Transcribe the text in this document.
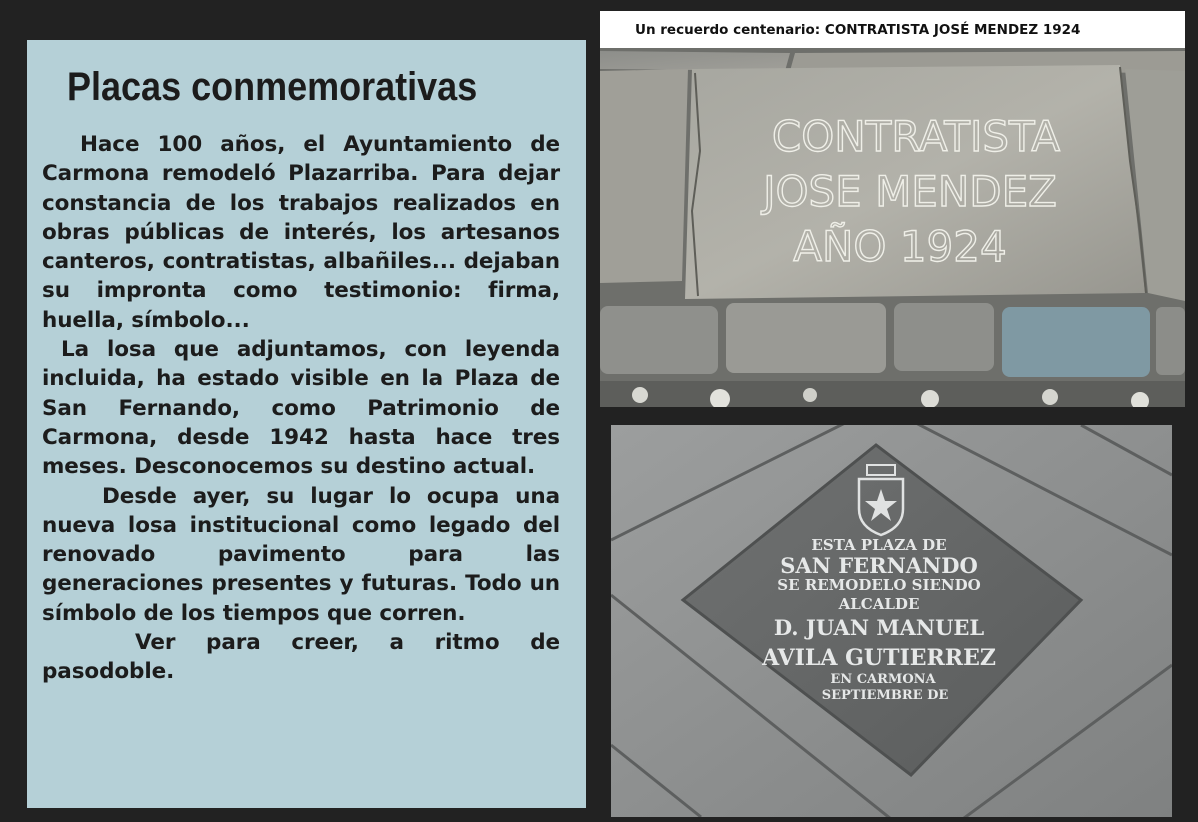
Placas conmemorativas

Hace 100 años, el Ayuntamiento de Carmona remodeló Plazarriba. Para dejar constancia de los trabajos realizados en obras públicas de interés, los artesanos canteros, contratistas, albañiles... dejaban su impronta como testimonio: firma, huella, símbolo...

La losa que adjuntamos, con leyenda incluida, ha estado visible en la Plaza de San Fernando, como Patrimonio de Carmona, desde 1942 hasta hace tres meses. Desconocemos su destino actual.

Desde ayer, su lugar lo ocupa una nueva losa institucional como legado del renovado pavimento para las generaciones presentes y futuras. Todo un símbolo de los tiempos que corren.

Ver para creer, a ritmo de pasodoble.

Un recuerdo centenario: CONTRATISTA JOSÉ MENDEZ 1924
CONTRATISTA
JOSE MENDEZ
AÑO 1924
ESTA PLAZA DE
SAN FERNANDO
SE REMODELO SIENDO
ALCALDE
D. JUAN MANUEL
AVILA GUTIERREZ
EN CARMONA
SEPTIEMBRE DE
